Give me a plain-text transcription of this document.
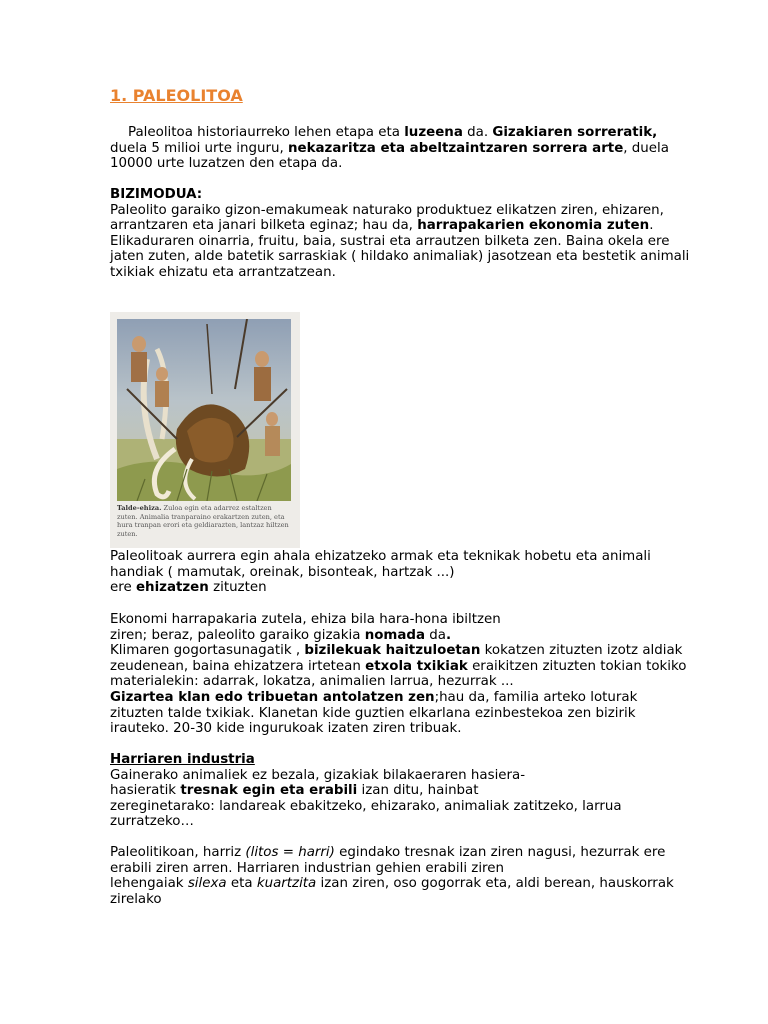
1. PALEOLITOA

Paleolitoa historiaurreko lehen etapa eta luzeena da. Gizakiaren sorreratik, duela 5 milioi urte inguru, nekazaritza eta abeltzaintzaren sorrera arte, duela 10000 urte luzatzen den etapa da.

BIZIMODUA:

Paleolito garaiko gizon-emakumeak naturako produktuez elikatzen ziren, ehizaren, arrantzaren eta janari bilketa eginaz; hau da, harrapakarien ekonomia zuten.

Elikaduraren oinarria, fruitu, baia, sustrai eta arrautzen bilketa zen. Baina okela ere jaten zuten, alde batetik sarraskiak ( hildako animaliak) jasotzean eta bestetik animali txikiak ehizatu eta arrantzatzean.

Talde-ehiza. Zuloa egin eta adarrez estaltzen zuten. Animalia tranparaino erakartzen zuten, eta hura tranpan erori eta geldiarazten, lantzaz hiltzen zuten.

Paleolitoak aurrera egin ahala ehizatzeko armak eta teknikak hobetu eta animali handiak ( mamutak, oreinak, bisonteak, hartzak ...)

ere ehizatzen zituzten

Ekonomi harrapakaria zutela, ehiza bila hara-hona ibiltzen

ziren; beraz, paleolito garaiko gizakia nomada da.

Klimaren gogortasunagatik , bizilekuak haitzuloetan kokatzen zituzten izotz aldiak zeudenean, baina ehizatzera irtetean etxola txikiak eraikitzen zituzten tokian tokiko materialekin: adarrak, lokatza, animalien larrua, hezurrak ...

Gizartea klan edo tribuetan antolatzen zen;hau da, familia arteko loturak zituzten talde txikiak. Klanetan kide guztien elkarlana ezinbestekoa zen bizirik irauteko. 20-30 kide ingurukoak izaten ziren tribuak.

Harriaren industria

Gainerako animaliek ez bezala, gizakiak bilakaeraren hasiera-

hasieratik tresnak egin eta erabili izan ditu, hainbat

zereginetarako: landareak ebakitzeko, ehizarako, animaliak zatitzeko, larrua zurratzeko…

Paleolitikoan, harriz (litos = harri) egindako tresnak izan ziren nagusi, hezurrak ere erabili ziren arren. Harriaren industrian gehien erabili ziren

lehengaiak silexa eta kuartzita izan ziren, oso gogorrak eta, aldi berean, hauskorrak zirelako
